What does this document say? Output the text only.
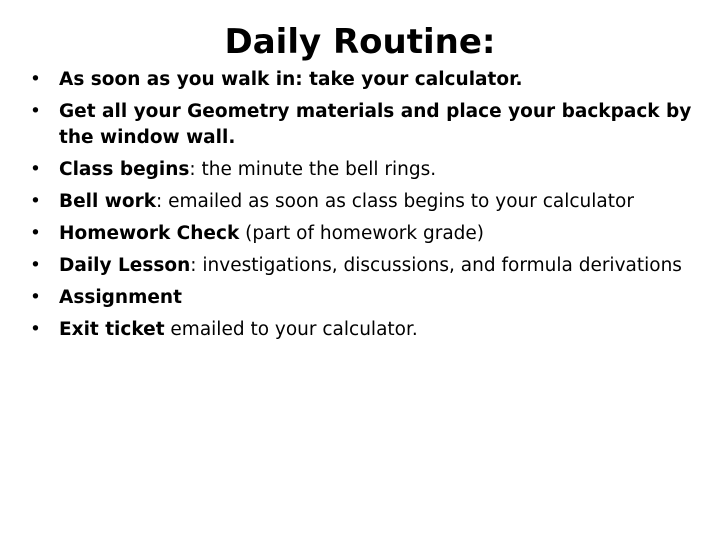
Daily Routine:
• As soon as you walk in: take your calculator.
• Get all your Geometry materials and place your backpack by the window wall.
• Class begins: the minute the bell rings.
• Bell work: emailed as soon as class begins to your calculator
• Homework Check (part of homework grade)
• Daily Lesson: investigations, discussions, and formula derivations
• Assignment
• Exit ticket emailed to your calculator.
